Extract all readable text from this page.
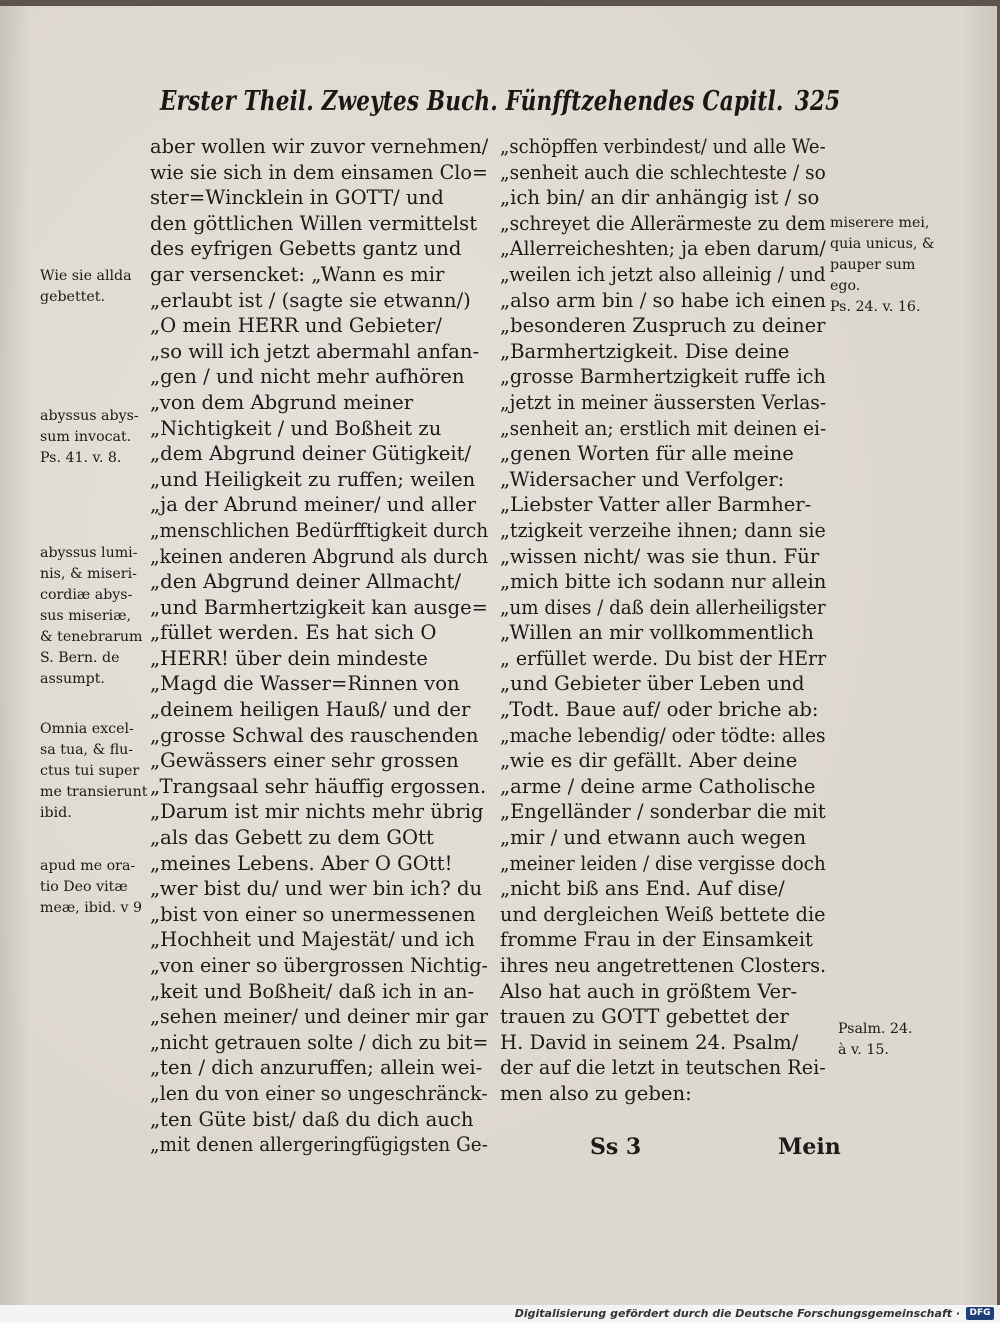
Erster Theil. Zweytes Buch. Fünfftzehendes Capitl. 325
aber wollen wir zuvor vernehmen/
wie sie sich in dem einsamen Clo=
ster=Wincklein in GOTT/ und
den göttlichen Willen vermittelst
des eyfrigen Gebetts gantz und
gar versencket: „Wann es mir
„erlaubt ist / (sagte sie etwann/)
„O mein HERR und Gebieter/
„so will ich jetzt abermahl anfan-
„gen / und nicht mehr aufhören
„von dem Abgrund meiner
„Nichtigkeit / und Boßheit zu
„dem Abgrund deiner Gütigkeit/
„und Heiligkeit zu ruffen; weilen
„ja der Abrund meiner/ und aller
„menschlichen Bedürfftigkeit durch
„keinen anderen Abgrund als durch
„den Abgrund deiner Allmacht/
„und Barmhertzigkeit kan ausge=
„füllet werden. Es hat sich O
„HERR! über dein mindeste
„Magd die Wasser=Rinnen von
„deinem heiligen Hauß/ und der
„grosse Schwal des rauschenden
„Gewässers einer sehr grossen
„Trangsaal sehr häuffig ergossen.
„Darum ist mir nichts mehr übrig
„als das Gebett zu dem GOtt
„meines Lebens. Aber O GOtt!
„wer bist du/ und wer bin ich? du
„bist von einer so unermessenen
„Hochheit und Majestät/ und ich
„von einer so übergrossen Nichtig-
„keit und Boßheit/ daß ich in an-
„sehen meiner/ und deiner mir gar
„nicht getrauen solte / dich zu bit=
„ten / dich anzuruffen; allein wei-
„len du von einer so ungeschränck-
„ten Güte bist/ daß du dich auch
„mit denen allergeringfügigsten Ge-
„schöpffen verbindest/ und alle We-
„senheit auch die schlechteste / so
„ich bin/ an dir anhängig ist / so
„schreyet die Allerärmeste zu dem
„Allerreicheshten; ja eben darum/
„weilen ich jetzt also alleinig / und
„also arm bin / so habe ich einen
„besonderen Zuspruch zu deiner
„Barmhertzigkeit. Dise deine
„grosse Barmhertzigkeit ruffe ich
„jetzt in meiner äussersten Verlas-
„senheit an; erstlich mit deinen ei-
„genen Worten für alle meine
„Widersacher und Verfolger:
„Liebster Vatter aller Barmher-
„tzigkeit verzeihe ihnen; dann sie
„wissen nicht/ was sie thun. Für
„mich bitte ich sodann nur allein
„um dises / daß dein allerheiligster
„Willen an mir vollkommentlich
„ erfüllet werde. Du bist der HErr
„und Gebieter über Leben und
„Todt. Baue auf/ oder briche ab:
„mache lebendig/ oder tödte: alles
„wie es dir gefällt. Aber deine
„arme / deine arme Catholische
„Engelländer / sonderbar die mit
„mir / und etwann auch wegen
„meiner leiden / dise vergisse doch
„nicht biß ans End. Auf dise/
und dergleichen Weiß bettete die
fromme Frau in der Einsamkeit
ihres neu angetrettenen Closters.
Also hat auch in größtem Ver-
trauen zu GOTT gebettet der
H. David in seinem 24. Psalm/
der auf die letzt in teutschen Rei-
men also zu geben:
Wie sie allda
gebettet.
abyssus abys-
sum invocat.
Ps. 41. v. 8.
abyssus lumi-
nis, & miseri-
cordiæ abys-
sus miseriæ,
& tenebrarum
S. Bern. de
assumpt.
Omnia excel-
sa tua, & flu-
ctus tui super
me transierunt
ibid.
apud me ora-
tio Deo vitæ
meæ, ibid. v 9
miserere mei,
quia unicus, &
pauper sum
ego.
Ps. 24. v. 16.
Psalm. 24.
à v. 15.
Ss 3	Mein
Digitalisierung gefördert durch die Deutsche Forschungsgemeinschaft ·	DFG
